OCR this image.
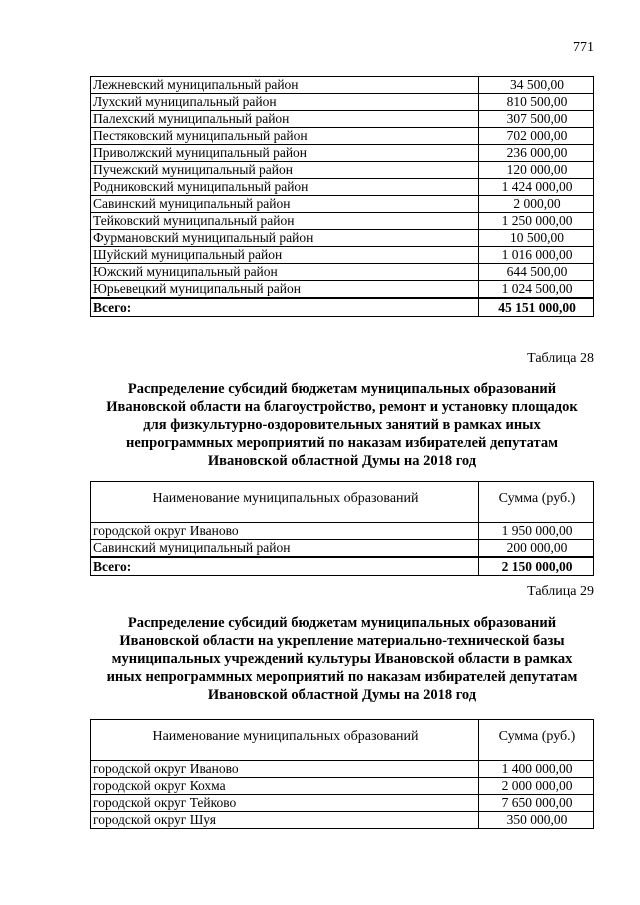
771
Лежневский муниципальный район	34 500,00
Лухский муниципальный район	810 500,00
Палехский муниципальный район	307 500,00
Пестяковский муниципальный район	702 000,00
Приволжский муниципальный район	236 000,00
Пучежский муниципальный район	120 000,00
Родниковский муниципальный район	1 424 000,00
Савинский муниципальный район	2 000,00
Тейковский муниципальный район	1 250 000,00
Фурмановский муниципальный район	10 500,00
Шуйский муниципальный район	1 016 000,00
Южский муниципальный район	644 500,00
Юрьевецкий муниципальный район	1 024 500,00
Всего:	45 151 000,00
Таблица 28
Распределение субсидий бюджетам муниципальных образований
Ивановской области на благоустройство, ремонт и установку площадок
для физкультурно-оздоровительных занятий в рамках иных
непрограммных мероприятий по наказам избирателей депутатам
Ивановской областной Думы на 2018 год
Наименование муниципальных образований	Сумма (руб.)
городской округ Иваново	1 950 000,00
Савинский муниципальный район	200 000,00
Всего:	2 150 000,00
Таблица 29
Распределение субсидий бюджетам муниципальных образований
Ивановской области на укрепление материально-технической базы
муниципальных учреждений культуры Ивановской области в рамках
иных непрограммных мероприятий по наказам избирателей депутатам
Ивановской областной Думы на 2018 год
Наименование муниципальных образований	Сумма (руб.)
городской округ Иваново	1 400 000,00
городской округ Кохма	2 000 000,00
городской округ Тейково	7 650 000,00
городской округ Шуя	350 000,00
